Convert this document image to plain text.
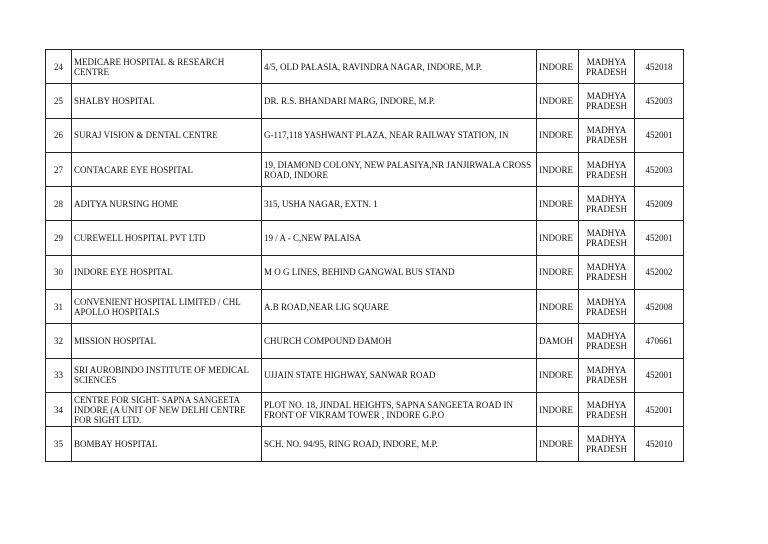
24	MEDICARE HOSPITAL & RESEARCH CENTRE	4/5, OLD PALASIA, RAVINDRA NAGAR, INDORE, M.P.	INDORE	MADHYA PRADESH	452018
25	SHALBY HOSPITAL	DR. R.S. BHANDARI MARG, INDORE, M.P.	INDORE	MADHYA PRADESH	452003
26	SURAJ VISION & DENTAL CENTRE	G-117,118 YASHWANT PLAZA, NEAR RAILWAY STATION, IN	INDORE	MADHYA PRADESH	452001
27	CONTACARE EYE HOSPITAL	19, DIAMOND COLONY, NEW PALASIYA,NR JANJIRWALA CROSS ROAD, INDORE	INDORE	MADHYA PRADESH	452003
28	ADITYA NURSING HOME	315, USHA NAGAR, EXTN. 1	INDORE	MADHYA PRADESH	452009
29	CUREWELL HOSPITAL PVT LTD	19 / A - C,NEW PALAISA	INDORE	MADHYA PRADESH	452001
30	INDORE EYE HOSPITAL	M O G LINES, BEHIND GANGWAL BUS STAND	INDORE	MADHYA PRADESH	452002
31	CONVENIENT HOSPITAL LIMITED / CHL APOLLO HOSPITALS	A.B ROAD,NEAR LIG SQUARE	INDORE	MADHYA PRADESH	452008
32	MISSION HOSPITAL	CHURCH COMPOUND DAMOH	DAMOH	MADHYA PRADESH	470661
33	SRI AUROBINDO INSTITUTE OF MEDICAL SCIENCES	UJJAIN STATE HIGHWAY, SANWAR ROAD	INDORE	MADHYA PRADESH	452001
34	CENTRE FOR SIGHT- SAPNA SANGEETA INDORE (A UNIT OF NEW DELHI CENTRE FOR SIGHT LTD.	PLOT NO. 18, JINDAL HEIGHTS, SAPNA SANGEETA ROAD IN FRONT OF VIKRAM TOWER , INDORE G.P.O	INDORE	MADHYA PRADESH	452001
35	BOMBAY HOSPITAL	SCH. NO. 94/95, RING ROAD, INDORE, M.P.	INDORE	MADHYA PRADESH	452010
